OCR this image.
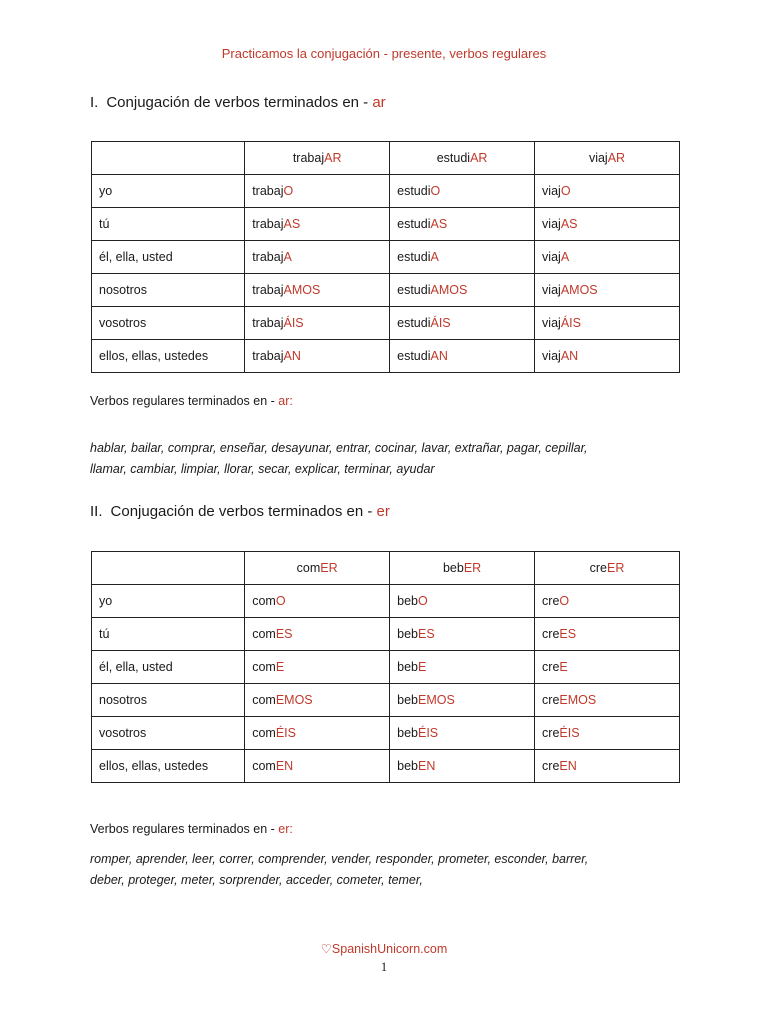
Practicamos la conjugación - presente, verbos regulares
I. Conjugación de verbos terminados en - ar
	trabajAR	estudiAR	viajAR
yo	trabajO	estudiO	viajO
tú	trabajAS	estudiAS	viajAS
él, ella, usted	trabajA	estudiA	viajA
nosotros	trabajAMOS	estudiAMOS	viajAMOS
vosotros	trabajÁIS	estudiÁIS	viajÁIS
ellos, ellas, ustedes	trabajAN	estudiAN	viajAN
Verbos regulares terminados en - ar:
hablar, bailar, comprar, enseñar, desayunar, entrar, cocinar, lavar, extrañar, pagar, cepillar,
llamar, cambiar, limpiar, llorar, secar, explicar, terminar, ayudar
II. Conjugación de verbos terminados en - er
	comER	bebER	creER
yo	comO	bebO	creO
tú	comES	bebES	creES
él, ella, usted	comE	bebE	creE
nosotros	comEMOS	bebEMOS	creEMOS
vosotros	comÉIS	bebÉIS	creÉIS
ellos, ellas, ustedes	comEN	bebEN	creEN
Verbos regulares terminados en - er:
romper, aprender, leer, correr, comprender, vender, responder, prometer, esconder, barrer,
deber, proteger, meter, sorprender, acceder, cometer, temer,
♡SpanishUnicorn.com
1
